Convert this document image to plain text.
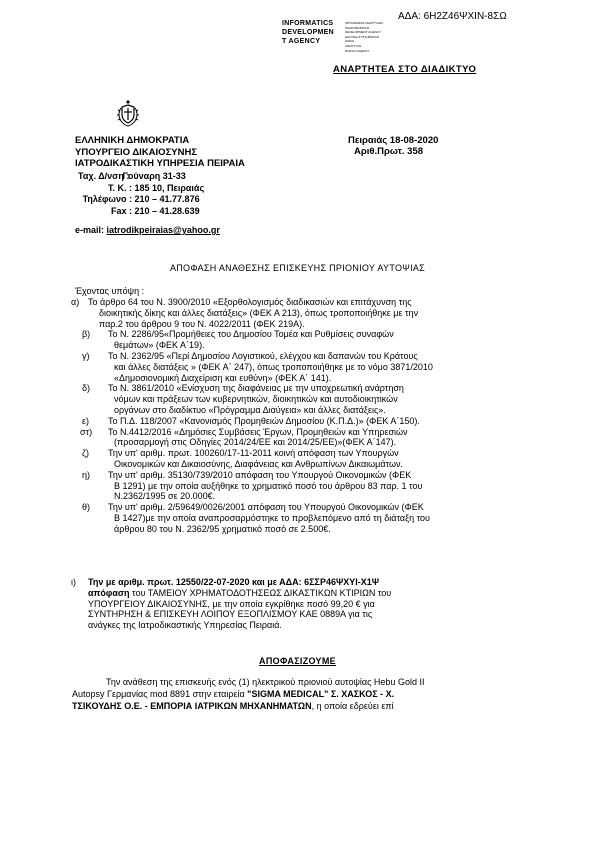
ΑΔΑ: 6Η2Ζ46ΨΧΙΝ-8ΣΩ
INFORMATICS
DEVELOPMEN
T AGENCY
ΟΡΓΑΝΙΣΜΟΣ ΑΝΑΠΤΥΞΗΣ
ΠΛΗΡΟΦΟΡΙΚΗΣ
DEVELOPMENT AGENCY
ΔΙΑΥΓΕΙΑ ΣΥΣΤΗΜΑΤΩΝ
ΔΟΜΗ
ΑΝΑΠΤΥΞΗ
DIGITAL AGENCY
ΑΝΑΡΤΗΤΕΑ ΣΤΟ ΔΙΑΔΙΚΤΥΟ
ΕΛΛΗΝΙΚΗ ΔΗΜΟΚΡΑΤΙΑ
ΥΠΟΥΡΓΕΙΟ ΔΙΚΑΙΟΣΥΝΗΣ
ΙΑΤΡΟΔΙΚΑΣΤΙΚΗ ΥΠΗΡΕΣΙΑ ΠΕΙΡΑΙΑ
Πειραιάς 18-08-2020
Αριθ.Πρωτ. 358
Ταχ. Δ/νση : Γούναρη 31-33
Τ. Κ. : 185 10, Πειραιάς
Τηλέφωνο : 210 – 41.77.876
Fax : 210 – 41.28.639
e-mail: iatrodikpeiraias@yahoo.gr
ΑΠΟΦΑΣΗ ΑΝΑΘΕΣΗΣ ΕΠΙΣΚΕΥΗΣ ΠΡΙΟΝΙΟΥ ΑΥΤΟΨΙΑΣ
Έχοντας υπόψη :
α) Το άρθρο 64 του Ν. 3900/2010 «Εξορθολογισμός διαδικασιών και επιτάχυνση της
διοικητικής δίκης και άλλες διατάξεις» (ΦΕΚ Α 213), όπως τροποποιήθηκε με την
παρ.2 του άρθρου 9 του Ν. 4022/2011 (ΦΕΚ 219Α).
β)	Το Ν. 2286/95«Προμήθειες του Δημοσίου Τομέα και Ρυθμίσεις συναφών
θεμάτων» (ΦΕΚ Α΄19).
γ)	Το Ν. 2362/95 «Περί Δημοσίου Λογιστικού, ελέγχου και δαπανών του Κράτους
και άλλες διατάξεις » (ΦΕΚ Α΄ 247), όπως τροποποιήθηκε με το νόμο 3871/2010
«Δημοσιονομική Διαχείριση και ευθύνη» (ΦΕΚ Α΄ 141).
δ)	Το Ν. 3861/2010 «Ενίσχυση της διαφάνειας με την υποχρεωτική ανάρτηση
νόμων και πράξεων των κυβερνητικών, διοικητικών και αυτοδιοικητικών
οργάνων στο διαδίκτυο «Πρόγραμμα Διαύγεια» και άλλες διατάξεις».
ε)	Το Π.Δ. 118/2007 «Κανονισμός Προμηθειών Δημοσίου (Κ.Π.Δ.)» (ΦΕΚ Α΄150).
στ)	Το Ν.4412/2016 «Δημόσιες Συμβάσεις Έργων, Προμηθειών και Υπηρεσιών
(προσαρμογή στις Οδηγίες 2014/24/ΕΕ και 2014/25/ΕΕ)»(ΦΕΚ Α΄147).
ζ)	Την υπ' αριθμ. πρωτ. 100260/17-11-2011 κοινή απόφαση των Υπουργών
Οικονομικών και Δικαιοσύνης, Διαφάνειας και Ανθρωπίνων Δικαιωμάτων.
η)	Την υπ' αριθμ. 35130/739/2010 απόφαση του Υπουργού Οικονομικών (ΦΕΚ
Β 1291) με την οποία αυξήθηκε το χρηματικό ποσό του άρθρου 83 παρ. 1 του
Ν.2362/1995 σε 20.000€.
θ)	Την υπ' αριθμ. 2/59649/0026/2001 απόφαση του Υπουργού Οικονομικών (ΦΕΚ
Β 1427)με την οποία αναπροσαρμόστηκε το προβλεπόμενο από τη διάταξη του
άρθρου 80 του Ν. 2362/95 χρηματικό ποσό σε 2.500€.
ι)	Την με αριθμ. πρωτ. 12550/22-07-2020 και με ΑΔΑ: 6ΣΣΡ46ΨΧΥΙ-Χ1Ψ
απόφαση του ΤΑΜΕΙΟΥ ΧΡΗΜΑΤΟΔΟΤΗΣΕΩΣ ΔΙΚΑΣΤΙΚΩΝ ΚΤΙΡΙΩΝ του
ΥΠΟΥΡΓΕΙΟΥ ΔΙΚΑΙΟΣΥΝΗΣ, με την οποία εγκρίθηκε ποσό 99,20 € για
ΣΥΝΤΗΡΗΣΗ & ΕΠΙΣΚΕΥΗ ΛΟΙΠΟΥ ΕΞΟΠΛΙΣΜΟΥ ΚΑΕ 0889Α για τις
ανάγκες της Ιατροδικαστικής Υπηρεσίας Πειραιά.
ΑΠΟΦΑΣΙΖΟΥΜΕ
Την ανάθεση της επισκευής ενός (1) ηλεκτρικού πριονιού αυτοψίας Hebu Gold II
Autopsy Γερμανίας mod 8891 στην εταιρεία "SIGMA MEDICAL" Σ. ΧΑΣΚΟΣ - Χ.
ΤΣΙΚΟΥΔΗΣ Ο.Ε. - ΕΜΠΟΡΙΑ ΙΑΤΡΙΚΩΝ ΜΗΧΑΝΗΜΑΤΩΝ, η οποία εδρεύει επί
